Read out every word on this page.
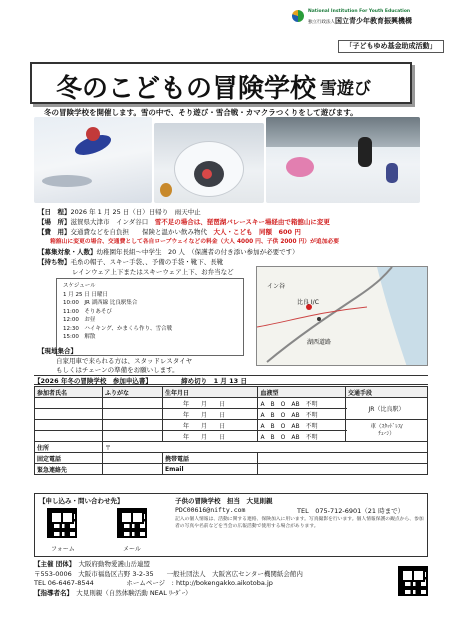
National Institution For Youth Education
独立行政法人国立青少年教育振興機構
「子どもゆめ基金助成活動」
冬のこどもの冒険学校 雪遊び
冬の冒険学校を開催します。雪の中で、そり遊び・雪合戦・カマクラつくりをして遊びます。
【日　程】2026 年 1 月 25 日（日）日帰り　雨天中止
【場　所】滋賀県大津市　インダ谷口　 雪不足の場合は、琵琶湖バレースキー場経由で箱舘山に変更
【費　用】交通費などを自負担　　保険と温かい飲み物代　 大人・こども　同額　600 円
箱舘山に変更の場合、交通費として各自ロープウェイなどの料金（大人 4000 円、子供 2000 円）が追加必要
【募集対象・人数】幼稚園年長組～中学生　20 人　（保護者の付き添い参加が必要です）
【持ち物】毛糸の帽子、スキー手袋、、予備の手袋・靴下、長靴
レインウェア上下またはスキーウェア上下、お弁当など
スケジュール
1 月 25 日 日曜日
10:00　 JR 湖西線 比良駅集合
11:00　 そりあそび
12:00　 お昼
12:30　 ハイキング、かまくら作り、雪合戦
15:00　 解散
イン谷
比良 I/C
湖西道路
【現地集合】
自家用車で来られる方は、スタッドレスタイヤ
もしくはチェーンの準備をお願いします。
【2026 年冬の冒険学校　参加申込書】　　　　　	締め切り　1 月 13 日
参加者氏名	ふりがな	生年月日	血液型	交通手段
		　　　年　　 月　　 日	A　B　O　AB　不明	JR（比良駅）
		　　　年　　 月　　 日	A　B　O　AB　不明	
		　　　年　　 月　　 日	A　B　O　AB　不明	車（ｽﾀｯﾄﾞﾚｽ/
ﾁｪｰﾝ）
		　　　年　　 月　　 日	A　B　O　AB　不明	
住所	〒			
固定電話		携帯電話		
緊急連絡先		Email		
【申し込み・問い合わせ先】
フォーム	メール
子供の冒険学校　担当　大見則親
PDC00616@nifty.com	TEL　075-712-6901（21 時まで）
記入の個人情報は、活動に関する連絡、保険加入に用います。写真撮影を行います。個人情報保護の観点から、参加者の写真や名前などを当会の広報活動で使用する場合があります。
【主催 団体】　 大阪府動物愛護山岳連盟
〒553-0006　大阪市福島区吉野 3-2-35　　 一般社団法人　大阪宮広センター機関紙会館内
TEL 06-6467-8544　　　　　	ホームページ　: http://bokengakko.aikotoba.jp
【指導者名】　 大見則親（自然体験活動 NEAL ﾘｰﾀﾞｰ）
